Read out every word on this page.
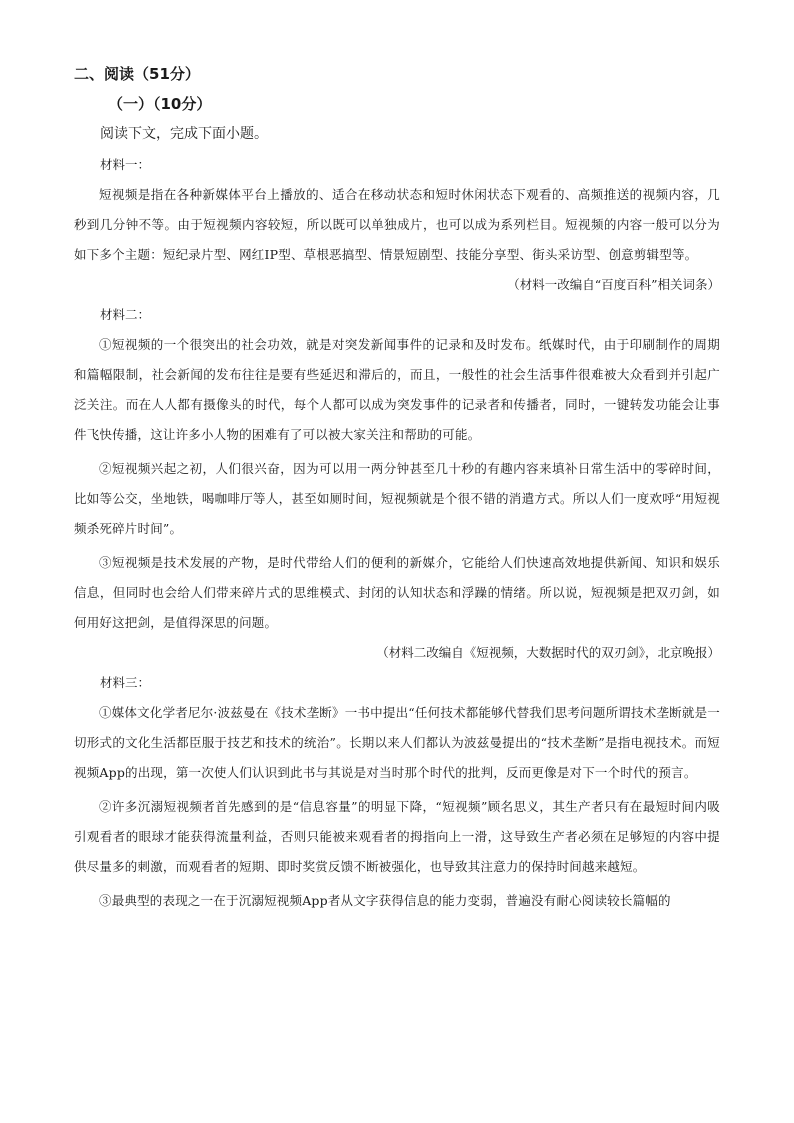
二、阅读（51分）
（一）（10分）
阅读下文，完成下面小题。
材料一：

短视频是指在各种新媒体平台上播放的、适合在移动状态和短时休闲状态下观看的、高频推送的视频内容，几秒到几分钟不等。由于短视频内容较短，所以既可以单独成片，也可以成为系列栏目。短视频的内容一般可以分为如下多个主题：短纪录片型、网红IP型、草根恶搞型、情景短剧型、技能分享型、街头采访型、创意剪辑型等。

（材料一改编自“百度百科”相关词条）
材料二：

①短视频的一个很突出的社会功效，就是对突发新闻事件的记录和及时发布。纸媒时代，由于印刷制作的周期和篇幅限制，社会新闻的发布往往是要有些延迟和滞后的，而且，一般性的社会生活事件很难被大众看到并引起广泛关注。而在人人都有摄像头的时代，每个人都可以成为突发事件的记录者和传播者，同时，一键转发功能会让事件飞快传播，这让许多小人物的困难有了可以被大家关注和帮助的可能。

②短视频兴起之初，人们很兴奋，因为可以用一两分钟甚至几十秒的有趣内容来填补日常生活中的零碎时间，比如等公交，坐地铁，喝咖啡厅等人，甚至如厕时间，短视频就是个很不错的消遣方式。所以人们一度欢呼“用短视频杀死碎片时间”。

③短视频是技术发展的产物，是时代带给人们的便利的新媒介，它能给人们快速高效地提供新闻、知识和娱乐信息，但同时也会给人们带来碎片式的思维模式、封闭的认知状态和浮躁的情绪。所以说，短视频是把双刃剑，如何用好这把剑，是值得深思的问题。

（材料二改编自《短视频，大数据时代的双刃剑》，北京晚报）
材料三：

①媒体文化学者尼尔·波兹曼在《技术垄断》一书中提出“任何技术都能够代替我们思考问题所谓技术垄断就是一切形式的文化生活都臣服于技艺和技术的统治”。长期以来人们都认为波兹曼提出的“技术垄断”是指电视技术。而短视频App的出现，第一次使人们认识到此书与其说是对当时那个时代的批判，反而更像是对下一个时代的预言。

②许多沉溺短视频者首先感到的是“信息容量”的明显下降，“短视频”顾名思义，其生产者只有在最短时间内吸引观看者的眼球才能获得流量利益，否则只能被来观看者的拇指向上一滑，这导致生产者必须在足够短的内容中提供尽量多的刺激，而观看者的短期、即时奖赏反馈不断被强化，也导致其注意力的保持时间越来越短。

③最典型的表现之一在于沉溺短视频App者从文字获得信息的能力变弱，普遍没有耐心阅读较长篇幅的
